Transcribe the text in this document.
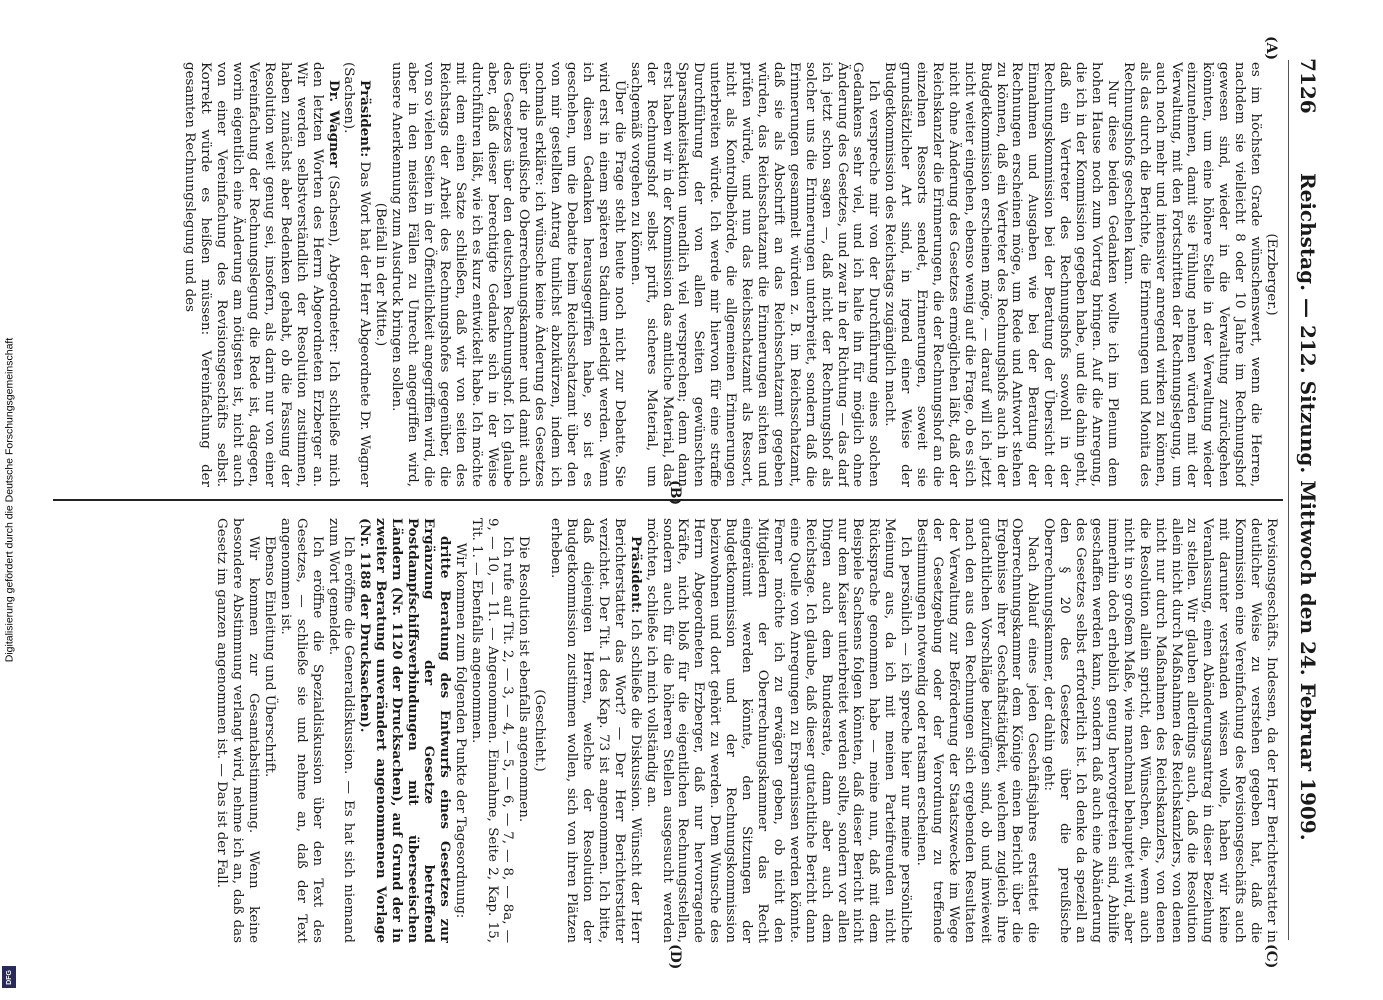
7126
Reichstag. — 212. Sitzung. Mittwoch den 24. Februar 1909.
(A)
(B)
(C)
(D)

(Erzberger.)

es im höchsten Grade wünschenswert, wenn die Herren, nachdem sie vielleicht 8 oder 10 Jahre im Rechnungshof gewesen sind, wieder in die Verwaltung zurückgehen könnten, um eine höhere Stelle in der Verwaltung wieder einzunehmen, damit sie Fühlung nehmen würden mit der Verwaltung, mit den Fortschritten der Rechnungslegung, um auch noch mehr und intensiver anregend wirken zu können, als das durch die Berichte, die Erinnerungen und Monita des Rechnungshofs geschehen kann.

Nur diese beiden Gedanken wollte ich im Plenum dem hohen Hause noch zum Vortrag bringen. Auf die Anregung, die ich in der Kommission gegeben habe, und die dahin geht, daß ein Vertreter des Rechnungshofs sowohl in der Rechnungskommission bei der Beratung der Übersicht der Einnahmen und Ausgaben wie bei der Beratung der Rechnungen erscheinen möge, um Rede und Antwort stehen zu können, daß ein Vertreter des Rechnungshofs auch in der Budgetkommission erscheinen möge, — darauf will ich jetzt nicht weiter eingehen, ebenso wenig auf die Frage, ob es sich nicht ohne Änderung des Gesetzes ermöglichen läßt, daß der Reichskanzler die Erinnerungen, die der Rechnungshof an die einzelnen Ressorts sendet, Erinnerungen, soweit sie grundsätzlicher Art sind, in irgend einer Weise der Budgetkommission des Reichstags zugänglich macht.

Ich verspreche mir von der Durchführung eines solchen Gedankens sehr viel, und ich halte ihn für möglich ohne Änderung des Gesetzes, und zwar in der Richtung — das darf ich jetzt schon sagen —, daß nicht der Rechnungshof als solcher uns die Erinnerungen unterbreitet, sondern daß die Erinnerungen gesammelt würden z. B. im Reichsschatzamt, daß sie als Abschrift an das Reichsschatzamt gegeben würden, das Reichsschatzamt die Erinnerungen sichten und prüfen würde, und nun das Reichsschatzamt als Ressort, nicht als Kontrollbehörde, die allgemeinen Erinnerungen unterbreiten würde. Ich werde mir hiervon für eine straffe Durchführung der von allen Seiten gewünschten Sparsamkeitsaktion unendlich viel versprechen; denn dann erst haben wir in der Kommission das amtliche Material, das der Rechnungshof selbst prüft, sicheres Material, um sachgemäß vorgehen zu können.

Über die Frage steht heute noch nicht zur Debatte. Sie wird erst in einem späteren Stadium erledigt werden. Wenn ich diesen Gedanken herausgegriffen habe, so ist es geschehen, um die Debatte beim Reichsschatzamt über den von mir gestellten Antrag tunlichst abzukürzen, indem ich nochmals erkläre: ich wünsche keine Änderung des Gesetzes über die preußische Oberrechnungskammer und damit auch des Gesetzes über den deutschen Rechnungshof. Ich glaube aber, daß dieser berechtigte Gedanke sich in der Weise durchführen läßt, wie ich es kurz entwickelt habe. Ich möchte mit dem einen Satze schließen, daß wir von seiten des Reichstags der Arbeit des Rechnungshofes gegenüber, die von so vielen Seiten in der Öffentlichkeit angegriffen wird, die aber in den meisten Fällen zu Unrecht angegriffen wird, unsere Anerkennung zum Ausdruck bringen sollen.

(Beifall in der Mitte.)

Präsident: Das Wort hat der Herr Abgeordnete Dr. Wagner (Sachsen).

Dr. Wagner (Sachsen), Abgeordneter: Ich schließe mich den letzten Worten des Herrn Abgeordneten Erzberger an. Wir werden selbstverständlich der Resolution zustimmen, haben zunächst aber Bedenken gehabt, ob die Fassung der Resolution weit genug sei, insofern, als darin nur von einer Vereinfachung der Rechnungslegung die Rede ist, dagegen, worin eigentlich eine Änderung am nötigsten ist, nicht auch von einer Vereinfachung des Revisionsgeschäfts selbst. Korrekt würde es heißen müssen: Vereinfachung der gesamten Rechnungslegung und des

Revisionsgeschäfts. Indessen, da der Herr Berichterstatter in deutlicher Weise zu verstehen gegeben hat, daß die Kommission eine Vereinfachung des Revisionsgeschäfts auch mit darunter verstanden wissen wolle, haben wir keine Veranlassung, einen Abänderungsantrag in dieser Beziehung zu stellen. Wir glauben allerdings auch, daß die Resolution allein nicht durch Maßnahmen des Reichskanzlers, von denen nicht nur durch Maßnahmen des Reichskanzlers, von denen die Resolution allein spricht, den Wünschen, die, wenn auch nicht in so großem Maße, wie manchmal behauptet wird, aber immerhin doch erheblich genug hervorgetreten sind, Abhilfe geschaffen werden kann, sondern daß auch eine Abänderung des Gesetzes selbst erforderlich ist. Ich denke da speziell an den § 20 des Gesetzes über die preußische Oberrechnungskammer, der dahin geht:

Nach Ablauf eines jeden Geschäftsjahres erstattet die Oberrechnungskammer dem Könige einen Bericht über die Ergebnisse ihrer Geschäftstätigkeit, welchem zugleich ihre gutachtlichen Vorschläge beizufügen sind, ob und inwieweit nach den aus den Rechnungen sich ergebenden Resultaten der Verwaltung zur Beförderung der Staatszwecke im Wege der Gesetzgebung oder der Verordnung zu treffende Bestimmungen notwendig oder ratsam erscheinen.

Ich persönlich — ich spreche hier nur meine persönliche Meinung aus, da ich mit meinen Parteifreunden nicht Rücksprache genommen habe — meine nun, daß mit dem Beispiele Sachsens folgen könnten, daß dieser Bericht nicht nur dem Kaiser unterbreitet werden sollte, sondern vor allen Dingen auch dem Bundesrate, dann aber auch dem Reichstage. Ich glaube, daß dieser gutachtliche Bericht dann eine Quelle von Anregungen zu Ersparnissen werden könnte. Ferner möchte ich zu erwägen geben, ob nicht den Mitgliedern der Oberrechnungskammer das Recht eingeräumt werden könnte, den Sitzungen der Budgetkommission und der Rechnungskommission beizuwohnen und dort gehört zu werden. Dem Wunsche des Herrn Abgeordneten Erzberger, daß nur hervorragende Kräfte, nicht bloß für die eigentlichen Rechnungsstellen, sondern auch für die höheren Stellen ausgesucht werden möchten, schließe ich mich vollständig an.

Präsident: Ich schließe die Diskussion. Wünscht der Herr Berichterstatter das Wort? — Der Herr Berichterstatter verzichtet. Der Tit. 1 des Kap. 73 ist angenommen. Ich bitte, daß diejenigen Herren, welche der Resolution der Budgetkommission zustimmen wollen, sich von ihren Plätzen erheben.

(Geschieht.)

Die Resolution ist ebenfalls angenommen.

Ich rufe auf Tit. 2, — 3, — 4, — 5, — 6, — 7, — 8, — 8a, — 9, — 10, — 11. — Angenommen. Einnahme, Seite 2, Kap. 15, Tit. 1. — Ebenfalls angenommen.

Wir kommen zum folgenden Punkte der Tagesordnung:

dritte Beratung des Entwurfs eines Gesetzes zur Ergänzung der Gesetze betreffend Postdampfschiffsverbindungen mit überseeischen Ländern (Nr. 1120 der Drucksachen), auf Grund der in zweiter Beratung unverändert angenommenen Vorlage (Nr. 1188 der Drucksachen).

Ich eröffne die Generaldiskussion. — Es hat sich niemand zum Wort gemeldet.

Ich eröffne die Spezialdiskussion über den Text des Gesetzes, — schließe sie und nehme an, daß der Text angenommen ist.

Ebenso Einleitung und Überschrift.

Wir kommen zur Gesamtabstimmung. Wenn keine besondere Abstimmung verlangt wird, nehme ich an, daß das Gesetz im ganzen angenommen ist. — Das ist der Fall.

Digitalisierung gefördert durch die Deutsche Forschungsgemeinschaft
DFG
